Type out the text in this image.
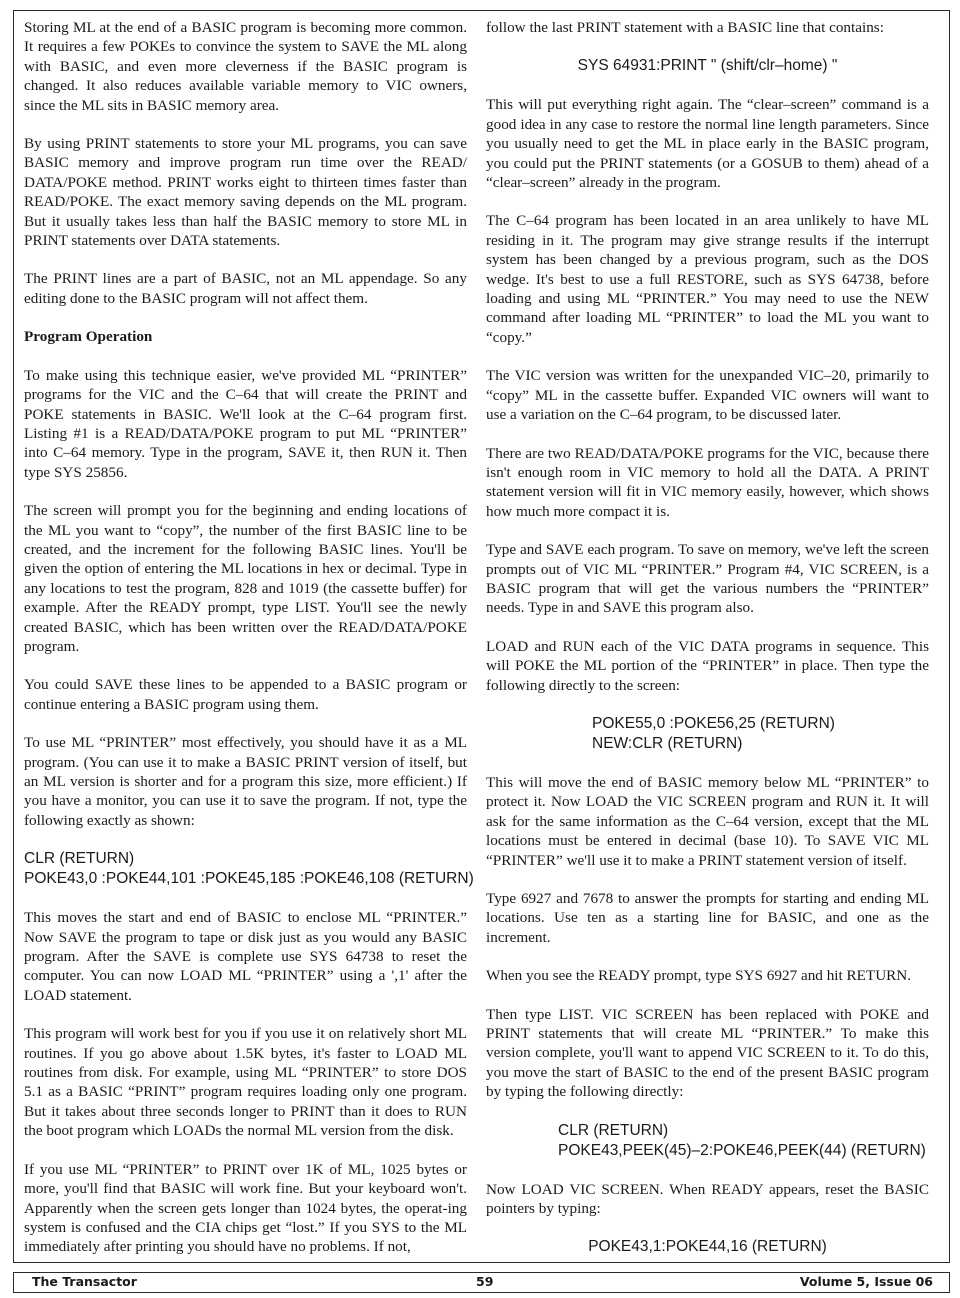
Storing ML at the end of a BASIC program is becoming more common. It requires a few POKEs to convince the system to SAVE the ML along with BASIC, and even more cleverness if the BASIC program is changed. It also reduces available variable memory to VIC owners, since the ML sits in BASIC memory area.

By using PRINT statements to store your ML programs, you can save BASIC memory and improve program run time over the READ/ DATA/POKE method. PRINT works eight to thirteen times faster than READ/POKE. The exact memory saving depends on the ML program. But it usually takes less than half the BASIC memory to store ML in PRINT statements over DATA statements.

The PRINT lines are a part of BASIC, not an ML appendage. So any editing done to the BASIC program will not affect them.

Program Operation

To make using this technique easier, we've provided ML “PRINTER” programs for the VIC and the C–64 that will create the PRINT and POKE statements in BASIC. We'll look at the C–64 program first. Listing #1 is a READ/DATA/POKE program to put ML “PRINTER” into C–64 memory. Type in the program, SAVE it, then RUN it. Then type SYS 25856.

The screen will prompt you for the beginning and ending locations of the ML you want to “copy”, the number of the first BASIC line to be created, and the increment for the following BASIC lines. You'll be given the option of entering the ML locations in hex or decimal. Type in any locations to test the program, 828 and 1019 (the cassette buffer) for example. After the READY prompt, type LIST. You'll see the newly created BASIC, which has been written over the READ/DATA/POKE program.

You could SAVE these lines to be appended to a BASIC program or continue entering a BASIC program using them.

To use ML “PRINTER” most effectively, you should have it as a ML program. (You can use it to make a BASIC PRINT version of itself, but an ML version is shorter and for a program this size, more efficient.) If you have a monitor, you can use it to save the program. If not, type the following exactly as shown:

CLR (RETURN)
POKE43,0 :POKE44,101 :POKE45,185 :POKE46,108 (RETURN)

This moves the start and end of BASIC to enclose ML “PRINTER.” Now SAVE the program to tape or disk just as you would any BASIC program. After the SAVE is complete use SYS 64738 to reset the computer. You can now LOAD ML “PRINTER” using a ',1' after the LOAD statement.

This program will work best for you if you use it on relatively short ML routines. If you go above about 1.5K bytes, it's faster to LOAD ML routines from disk. For example, using ML “PRINTER” to store DOS 5.1 as a BASIC “PRINT” program requires loading only one program. But it takes about three seconds longer to PRINT than it does to RUN the boot program which LOADs the normal ML version from the disk.

If you use ML “PRINTER” to PRINT over 1K of ML, 1025 bytes or more, you'll find that BASIC will work fine. But your keyboard won't. Apparently when the screen gets longer than 1024 bytes, the operat-ing system is confused and the CIA chips get “lost.” If you SYS to the ML immediately after printing you should have no problems. If not,

follow the last PRINT statement with a BASIC line that contains:

SYS 64931:PRINT " (shift/clr–home) "

This will put everything right again. The “clear–screen” command is a good idea in any case to restore the normal line length parameters. Since you usually need to get the ML in place early in the BASIC program, you could put the PRINT statements (or a GOSUB to them) ahead of a “clear–screen” already in the program.

The C–64 program has been located in an area unlikely to have ML residing in it. The program may give strange results if the interrupt system has been changed by a previous program, such as the DOS wedge. It's best to use a full RESTORE, such as SYS 64738, before loading and using ML “PRINTER.” You may need to use the NEW command after loading ML “PRINTER” to load the ML you want to “copy.”

The VIC version was written for the unexpanded VIC–20, primarily to “copy” ML in the cassette buffer. Expanded VIC owners will want to use a variation on the C–64 program, to be discussed later.

There are two READ/DATA/POKE programs for the VIC, because there isn't enough room in VIC memory to hold all the DATA. A PRINT statement version will fit in VIC memory easily, however, which shows how much more compact it is.

Type and SAVE each program. To save on memory, we've left the screen prompts out of VIC ML “PRINTER.” Program #4, VIC SCREEN, is a BASIC program that will get the various numbers the “PRINTER” needs. Type in and SAVE this program also.

LOAD and RUN each of the VIC DATA programs in sequence. This will POKE the ML portion of the “PRINTER” in place. Then type the following directly to the screen:

POKE55,0 :POKE56,25 (RETURN)
NEW:CLR (RETURN)

This will move the end of BASIC memory below ML “PRINTER” to protect it. Now LOAD the VIC SCREEN program and RUN it. It will ask for the same information as the C–64 version, except that the ML locations must be entered in decimal (base 10). To SAVE VIC ML “PRINTER” we'll use it to make a PRINT statement version of itself.

Type 6927 and 7678 to answer the prompts for starting and ending ML locations. Use ten as a starting line for BASIC, and one as the increment.

When you see the READY prompt, type SYS 6927 and hit RETURN.

Then type LIST. VIC SCREEN has been replaced with POKE and PRINT statements that will create ML “PRINTER.” To make this version complete, you'll want to append VIC SCREEN to it. To do this, you move the start of BASIC to the end of the present BASIC program by typing the following directly:

CLR (RETURN)
POKE43,PEEK(45)–2:POKE46,PEEK(44) (RETURN)

Now LOAD VIC SCREEN. When READY appears, reset the BASIC pointers by typing:

POKE43,1:POKE44,16 (RETURN)
The Transactor	59	Volume 5, Issue 06
